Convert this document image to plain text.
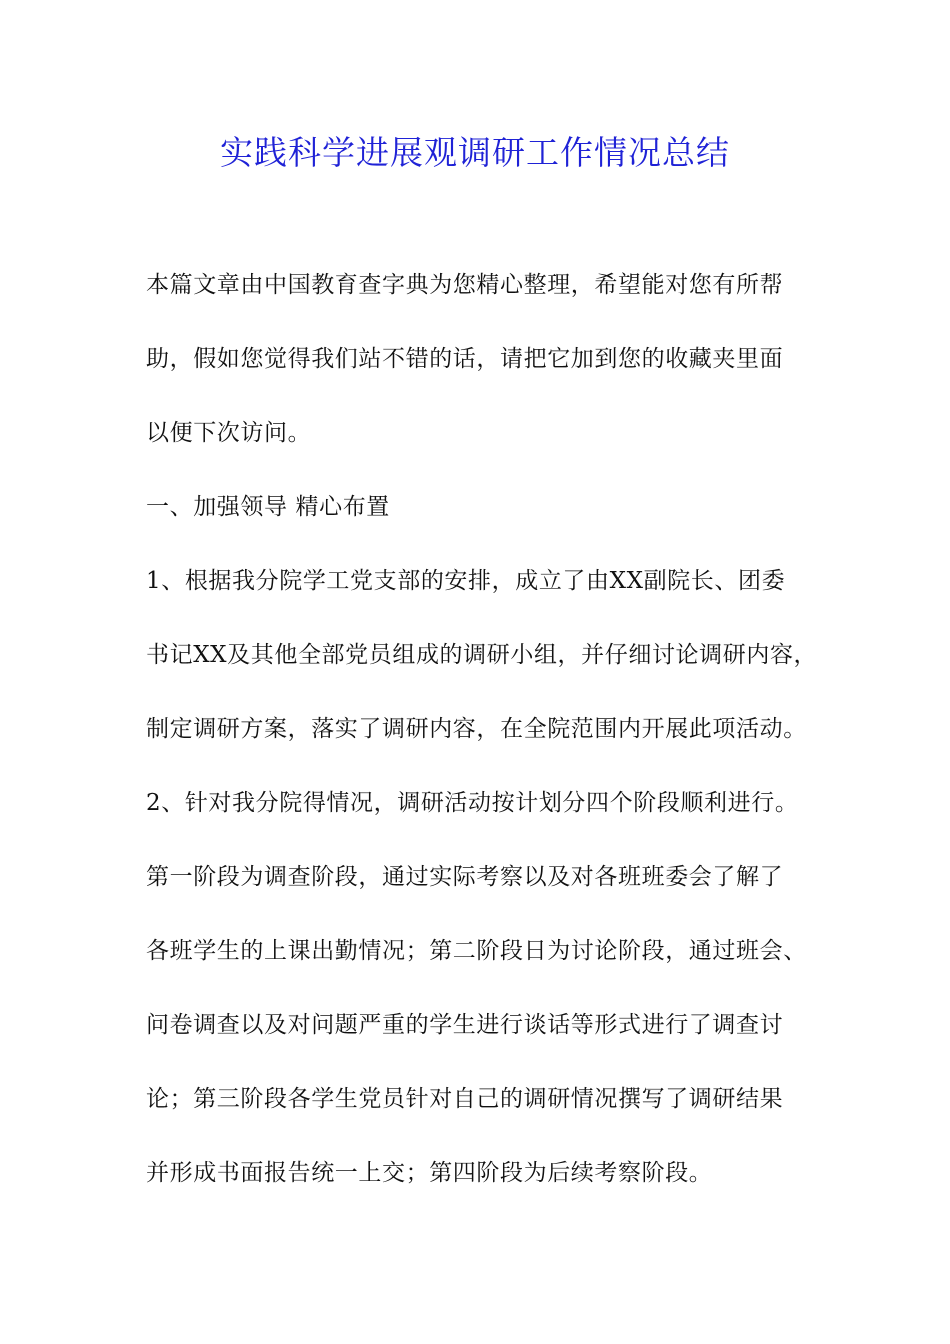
实践科学进展观调研工作情况总结
本篇文章由中国教育查字典为您精心整理，希望能对您有所帮
助，假如您觉得我们站不错的话，请把它加到您的收藏夹里面
以便下次访问。
一、加强领导 精心布置
1、根据我分院学工党支部的安排，成立了由XX副院长、团委
书记XX及其他全部党员组成的调研小组，并仔细讨论调研内容，
制定调研方案，落实了调研内容，在全院范围内开展此项活动。
2、针对我分院得情况，调研活动按计划分四个阶段顺利进行。
第一阶段为调查阶段，通过实际考察以及对各班班委会了解了
各班学生的上课出勤情况；第二阶段日为讨论阶段，通过班会、
问卷调查以及对问题严重的学生进行谈话等形式进行了调查讨
论；第三阶段各学生党员针对自己的调研情况撰写了调研结果
并形成书面报告统一上交；第四阶段为后续考察阶段。
